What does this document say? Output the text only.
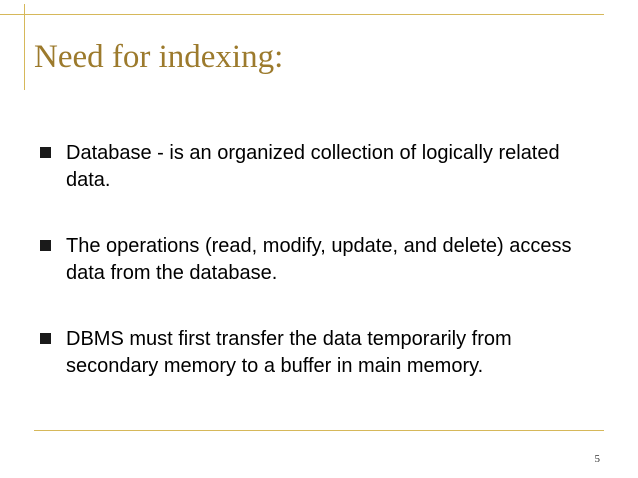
Need for indexing:
Database - is an organized collection of logically related data.
The operations (read, modify, update, and delete) access data from the database.
DBMS must first transfer the data temporarily from secondary memory to a buffer in main memory.
5
